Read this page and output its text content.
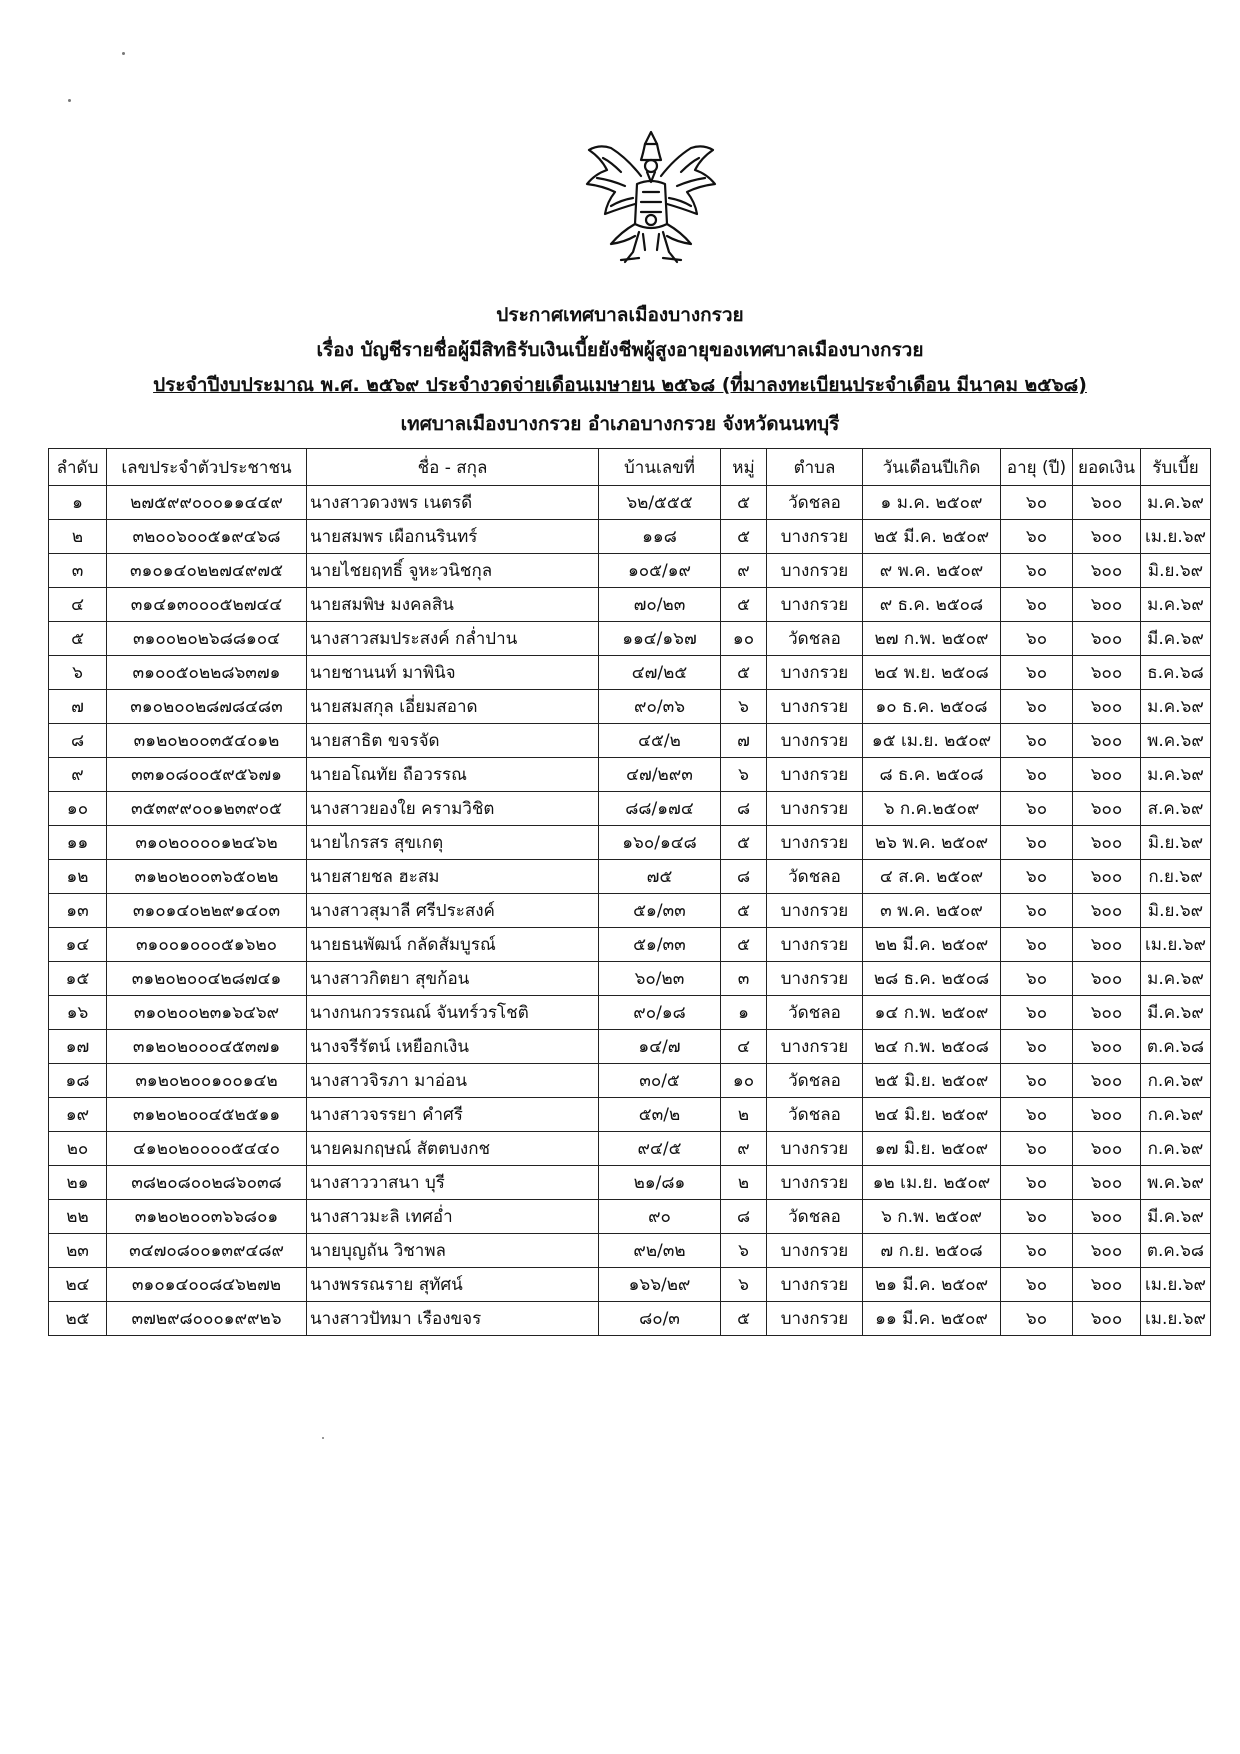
ประกาศเทศบาลเมืองบางกรวย
เรื่อง บัญชีรายชื่อผู้มีสิทธิรับเงินเบี้ยยังชีพผู้สูงอายุของเทศบาลเมืองบางกรวย
ประจำปีงบประมาณ พ.ศ. ๒๕๖๙ ประจำงวดจ่ายเดือนเมษายน ๒๕๖๘ (ที่มาลงทะเบียนประจำเดือน มีนาคม ๒๕๖๘)
เทศบาลเมืองบางกรวย อำเภอบางกรวย จังหวัดนนทบุรี
ลำดับ	เลขประจำตัวประชาชน	ชื่อ - สกุล	บ้านเลขที่	หมู่	ตำบล	วันเดือนปีเกิด	อายุ (ปี)	ยอดเงิน	รับเบี้ย
๑	๒๗๕๙๙๐๐๐๑๑๔๔๙	นางสาวดวงพร เนตรดี	๖๒/๕๕๕	๕	วัดชลอ	๑ ม.ค. ๒๕๐๙	๖๐	๖๐๐	ม.ค.๖๙
๒	๓๒๐๐๖๐๐๕๑๙๔๖๘	นายสมพร เผือกนรินทร์	๑๑๘	๕	บางกรวย	๒๕ มี.ค. ๒๕๐๙	๖๐	๖๐๐	เม.ย.๖๙
๓	๓๑๐๑๔๐๒๒๗๔๙๗๕	นายไชยฤทธิ์ จูหะวนิชกุล	๑๐๕/๑๙	๙	บางกรวย	๙ พ.ค. ๒๕๐๙	๖๐	๖๐๐	มิ.ย.๖๙
๔	๓๑๔๑๓๐๐๐๕๒๗๔๔	นายสมพิษ มงคลสิน	๗๐/๒๓	๕	บางกรวย	๙ ธ.ค. ๒๕๐๘	๖๐	๖๐๐	ม.ค.๖๙
๕	๓๑๐๐๒๐๒๖๘๘๑๐๔	นางสาวสมประสงค์ กล่ำปาน	๑๑๔/๑๖๗	๑๐	วัดชลอ	๒๗ ก.พ. ๒๕๐๙	๖๐	๖๐๐	มี.ค.๖๙
๖	๓๑๐๐๕๐๒๒๘๖๓๗๑	นายชานนท์ มาพินิจ	๔๗/๒๕	๕	บางกรวย	๒๔ พ.ย. ๒๕๐๘	๖๐	๖๐๐	ธ.ค.๖๘
๗	๓๑๐๒๐๐๒๘๗๘๔๘๓	นายสมสกุล เอี่ยมสอาด	๙๐/๓๖	๖	บางกรวย	๑๐ ธ.ค. ๒๕๐๘	๖๐	๖๐๐	ม.ค.๖๙
๘	๓๑๒๐๒๐๐๓๕๔๐๑๒	นายสาธิต ขจรจัด	๔๕/๒	๗	บางกรวย	๑๕ เม.ย. ๒๕๐๙	๖๐	๖๐๐	พ.ค.๖๙
๙	๓๓๑๐๘๐๐๕๙๕๖๗๑	นายอโณทัย ถือวรรณ	๔๗/๒๙๓	๖	บางกรวย	๘ ธ.ค. ๒๕๐๘	๖๐	๖๐๐	ม.ค.๖๙
๑๐	๓๕๓๙๙๐๐๑๒๓๙๐๕	นางสาวยองใย ครามวิชิต	๘๘/๑๗๔	๘	บางกรวย	๖ ก.ค.๒๕๐๙	๖๐	๖๐๐	ส.ค.๖๙
๑๑	๓๑๐๒๐๐๐๐๑๒๔๖๒	นายไกรสร สุขเกตุ	๑๖๐/๑๔๘	๕	บางกรวย	๒๖ พ.ค. ๒๕๐๙	๖๐	๖๐๐	มิ.ย.๖๙
๑๒	๓๑๒๐๒๐๐๓๖๕๐๒๒	นายสายชล ฮะสม	๗๕	๘	วัดชลอ	๔ ส.ค. ๒๕๐๙	๖๐	๖๐๐	ก.ย.๖๙
๑๓	๓๑๐๑๔๐๒๒๙๑๔๐๓	นางสาวสุมาลี ศรีประสงค์	๕๑/๓๓	๕	บางกรวย	๓ พ.ค. ๒๕๐๙	๖๐	๖๐๐	มิ.ย.๖๙
๑๔	๓๑๐๐๑๐๐๐๕๑๖๒๐	นายธนพัฒน์ กลัดสัมบูรณ์	๕๑/๓๓	๕	บางกรวย	๒๒ มี.ค. ๒๕๐๙	๖๐	๖๐๐	เม.ย.๖๙
๑๕	๓๑๒๐๒๐๐๔๒๘๗๔๑	นางสาวกิตยา สุขก้อน	๖๐/๒๓	๓	บางกรวย	๒๘ ธ.ค. ๒๕๐๘	๖๐	๖๐๐	ม.ค.๖๙
๑๖	๓๑๐๒๐๐๒๓๑๖๔๖๙	นางกนกวรรณณ์ จันทร์วรโชติ	๙๐/๑๘	๑	วัดชลอ	๑๔ ก.พ. ๒๕๐๙	๖๐	๖๐๐	มี.ค.๖๙
๑๗	๓๑๒๐๒๐๐๐๔๕๓๗๑	นางจรีรัตน์ เหยือกเงิน	๑๔/๗	๔	บางกรวย	๒๔ ก.พ. ๒๕๐๘	๖๐	๖๐๐	ต.ค.๖๘
๑๘	๓๑๒๐๒๐๐๑๐๐๑๔๒	นางสาวจิรภา มาอ่อน	๓๐/๕	๑๐	วัดชลอ	๒๕ มิ.ย. ๒๕๐๙	๖๐	๖๐๐	ก.ค.๖๙
๑๙	๓๑๒๐๒๐๐๔๕๒๕๑๑	นางสาวจรรยา คำศรี	๕๓/๒	๒	วัดชลอ	๒๔ มิ.ย. ๒๕๐๙	๖๐	๖๐๐	ก.ค.๖๙
๒๐	๔๑๒๐๒๐๐๐๐๕๔๔๐	นายคมกฤษณ์ สัตตบงกช	๙๔/๕	๙	บางกรวย	๑๗ มิ.ย. ๒๕๐๙	๖๐	๖๐๐	ก.ค.๖๙
๒๑	๓๘๒๐๘๐๐๒๘๖๐๓๘	นางสาววาสนา บุรี	๒๑/๘๑	๒	บางกรวย	๑๒ เม.ย. ๒๕๐๙	๖๐	๖๐๐	พ.ค.๖๙
๒๒	๓๑๒๐๒๐๐๓๖๖๘๐๑	นางสาวมะลิ เทศอ่ำ	๙๐	๘	วัดชลอ	๖ ก.พ. ๒๕๐๙	๖๐	๖๐๐	มี.ค.๖๙
๒๓	๓๔๗๐๘๐๐๑๓๙๔๘๙	นายบุญถัน วิชาพล	๙๒/๓๒	๖	บางกรวย	๗ ก.ย. ๒๕๐๘	๖๐	๖๐๐	ต.ค.๖๘
๒๔	๓๑๐๑๔๐๐๘๔๖๒๗๒	นางพรรณราย สุทัศน์	๑๖๖/๒๙	๖	บางกรวย	๒๑ มี.ค. ๒๕๐๙	๖๐	๖๐๐	เม.ย.๖๙
๒๕	๓๗๒๙๘๐๐๐๑๙๙๒๖	นางสาวปัทมา เรืองขจร	๘๐/๓	๕	บางกรวย	๑๑ มี.ค. ๒๕๐๙	๖๐	๖๐๐	เม.ย.๖๙
